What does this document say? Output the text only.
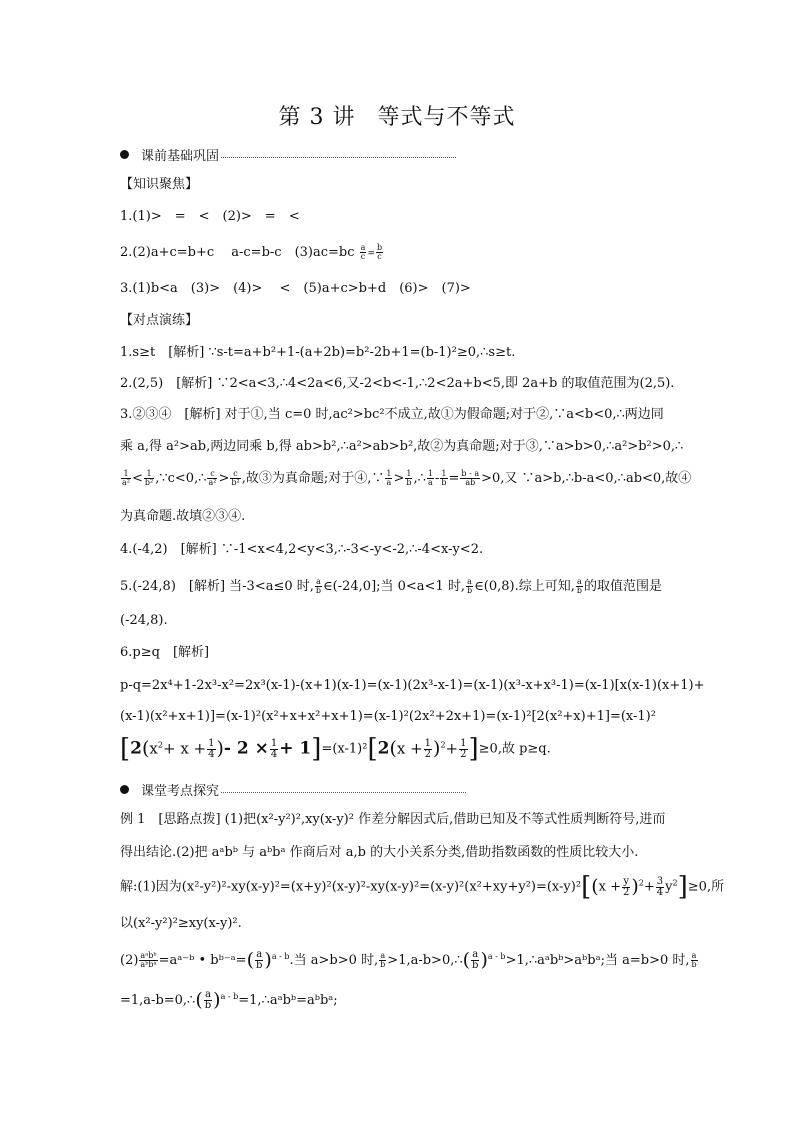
第 3 讲 等式与不等式
课前基础巩固
【知识聚焦】
1.(1)>　=　<　(2)>　=　<
2.(2)a+c=b+c　 a-c=b-c　$(3)ac=bc \frac{a}{c} = \frac{b}{c}$
3.(1)b<a　(3)>　(4)>　 <　(5)a+c>b+d　(6)>　(7)>
【对点演练】
1.s≥t　[解析] ∵s-t=a+b²+1-(a+2b)=b²-2b+1=(b-1)²≥0,∴s≥t.
2.(2,5)　[解析] ∵2<a<3,∴4<2a<6,又-2<b<-1,∴2<2a+b<5,即 2a+b 的取值范围为(2,5).
3.②③④　[解析] 对于①,当 c=0 时,ac²>bc²不成立,故①为假命题;对于②,∵a<b<0,∴两边同
乘 a,得 a²>ab,两边同乘 b,得 ab>b²,∴a²>ab>b²,故②为真命题;对于③,∵a>b>0,∴a²>b²>0,∴
$\frac{1}{\text{a²}} < \frac{1}{\text{b²}}$ ,∵c<0,∴ $\frac{c}{\text{a²}} > \frac{c}{\text{b²}}$ ,故③为真命题;对于④,∵ $\frac{1}{a} > \frac{1}{b}$ ,∴ $\frac{1}{a} - \frac{1}{b} = \frac{b - a}{ab} >0$,又 ∵a>b,∴b-a<0,∴ab<0,故④
为真命题.故填②③④.
4.(-4,2)　[解析] ∵-1<x<4,2<y<3,∴-3<-y<-2,∴-4<x-y<2.
5.(-24,8)　[解析] 当-3<a≤0 时, $\frac{a}{b}$ ∈(-24,0];当 0<a<1 时, $\frac{a}{b}$ ∈(0,8).综上可知, $\frac{a}{b}$ 的取值范围是
(-24,8).
6.p≥q　[解析]
p-q=2x⁴+1-2x³-x²=2x³(x-1)-(x+1)(x-1)=(x-1)(2x³-x-1)=(x-1)(x³-x+x³-1)=(x-1)[x(x-1)(x+1)+
(x-1)(x²+x+1)]=(x-1)²(x²+x+x²+x+1)=(x-1)²(2x²+2x+1)=(x-1)²[2(x²+x)+1]=(x-1)²
[$2(x^2+ x + \frac{1}{4}$ )- $2 \times \frac{1}{4} + 1]=(x-1)^2[2(x + \frac{1}{2} )^2+ \frac{1}{2} ]\ge 0$,故 p≥q.
课堂考点探究
例 1　[思路点拨] (1)把(x²-y²)²,xy(x-y)² 作差分解因式后,借助已知及不等式性质判断符号,进而
得出结论.(2)把 aᵃbᵇ 与 aᵇbᵃ 作商后对 a,b 的大小关系分类,借助指数函数的性质比较大小.
解:(1)因为$(x^2-y^2)^2-xy(x-y)^2=(x+y)^2(x-y)^2-xy(x-y)^2=(x-y)^2(x^2+xy+y^2)=(x-y)^2[(x + \frac{y}{2} )^2+ \frac{3}{4} y^2]\ge 0$,所
以(x²-y²)²≥xy(x-y)².
$(2) \frac{\text{aᵃbᵇ}}{\text{aᵇbᵃ}}$ =aᵃ⁻ᵇ • bᵇ⁻ᵃ=( $\frac{a}{b} )^{a - b}$.当 a>b>0 时, $\frac{a}{b}$ >1,a-b>0,∴( $\frac{a}{b}$ )$^{a - b}$>1,∴aᵃbᵇ>aᵇbᵃ;当 a=b>0 时, $\frac{a}{b}$
=1,a-b=0,∴( $\frac{a}{b}$ )$^{a - b}$=1,∴aᵃbᵇ=aᵇbᵃ;
